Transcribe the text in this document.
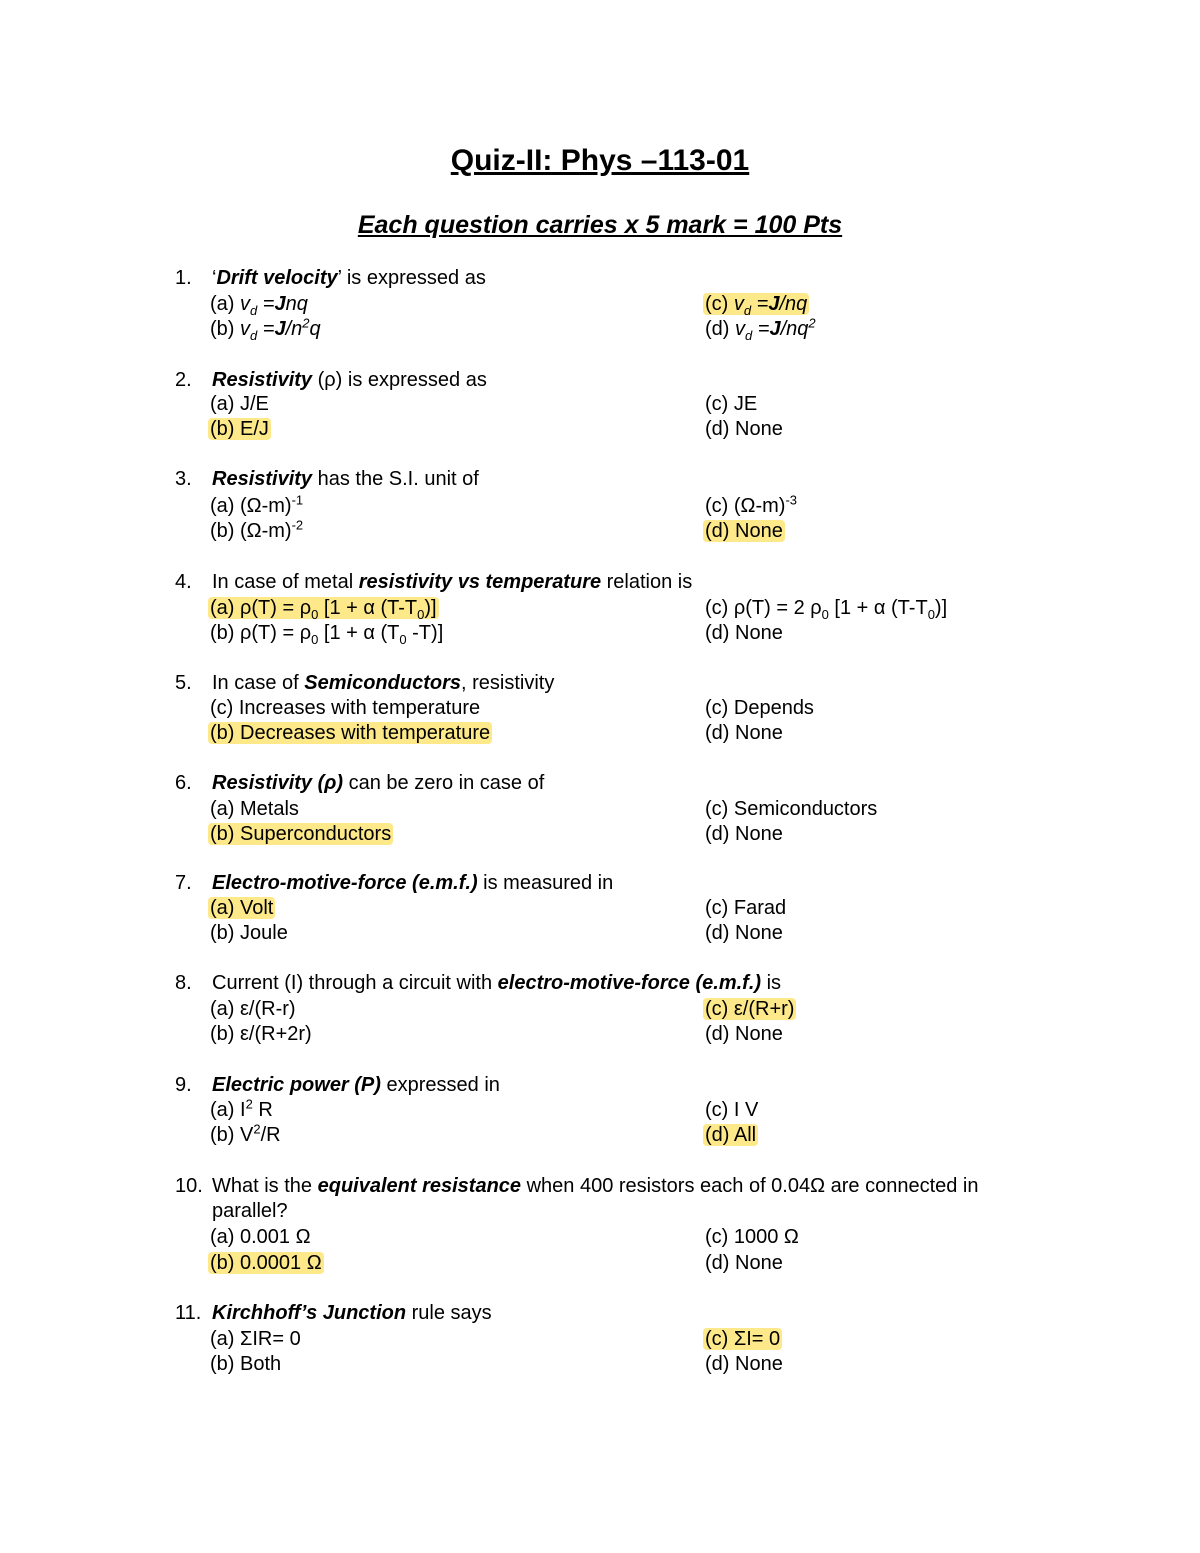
Quiz-II: Phys –113-01
Each question carries x 5 mark = 100 Pts
1. ‘Drift velocity’ is expressed as
(a) $v_d =Jnq$	(c) $v_d =J/nq$
(b) $v_d =J/n^2q$	(d) $v_d =J/nq^2$
2. Resistivity (ρ) is expressed as
(a) J/E	(c) JE
(b) E/J	(d) None
3. Resistivity has the S.I. unit of
(a) $(\Omega-m)^{-1}$	(c) $(\Omega-m)^{-3}$
(b) $(\Omega-m)^{-2}$	(d) None
4. In case of metal resistivity vs temperature relation is
(a) $\rho(T) = \rho_0$ [1 + α $(T-T_0)$]	(c) ρ(T) = 2 $\rho_0$ [1 + α $(T-T_0)$]
(b) $\rho(T) = \rho_0$ [1 + α ($T_0$ -T)]	(d) None
5. In case of Semiconductors, resistivity
(c) Increases with temperature	(c) Depends
(b) Decreases with temperature	(d) None
6. Resistivity (ρ) can be zero in case of
(a) Metals	(c) Semiconductors
(b) Superconductors	(d) None
7. Electro-motive-force (e.m.f.) is measured in
(a) Volt	(c) Farad
(b) Joule	(d) None
8. Current (I) through a circuit with electro-motive-force (e.m.f.) is
(a) ε/(R-r)	(c) ε/(R+r)
(b) ε/(R+2r)	(d) None
9. Electric power (P) expressed in
(a) $I^2$ R	(c) I V
(b) $V^2/R$	(d) All
10. What is the equivalent resistance when 400 resistors each of 0.04Ω are connected in
parallel?
(a) 0.001 Ω	(c) 1000 Ω
(b) 0.0001 Ω	(d) None
11. Kirchhoff’s Junction rule says
(a) ΣIR= 0	(c) ΣI= 0
(b) Both	(d) None
